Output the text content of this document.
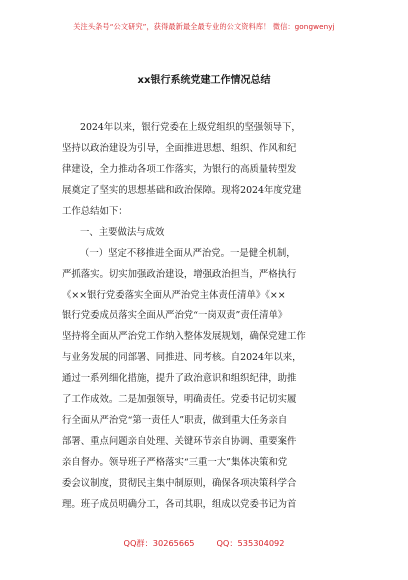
关注头条号“公文研究”，获得最新最全最专业的公文资料库！ 微信：gongwenyj
xx银行系统党建工作情况总结
2024年以来，银行党委在上级党组织的坚强领导下，
坚持以政治建设为引导，全面推进思想、组织、作风和纪
律建设，全力推动各项工作落实，为银行的高质量转型发
展奠定了坚实的思想基础和政治保障。现将2024年度党建
工作总结如下：
一、主要做法与成效
（一）坚定不移推进全面从严治党。一是健全机制，
严抓落实。切实加强政治建设，增强政治担当，严格执行
《××银行党委落实全面从严治党主体责任清单》《××
银行党委成员落实全面从严治党“一岗双责”责任清单》
坚持将全面从严治党工作纳入整体发展规划，确保党建工作
与业务发展的同部署、同推进、同考核。自2024年以来，
通过一系列细化措施，提升了政治意识和组织纪律，助推
了工作成效。二是加强领导，明确责任。党委书记切实履
行全面从严治党“第一责任人”职责，做到重大任务亲自
部署、重点问题亲自处理、关键环节亲自协调、重要案件
亲自督办。领导班子严格落实“三重一大”集体决策和党
委会议制度，贯彻民主集中制原则，确保各项决策科学合
理。班子成员明确分工，各司其职，组成以党委书记为首
QQ群：30265665	QQ：535304092
